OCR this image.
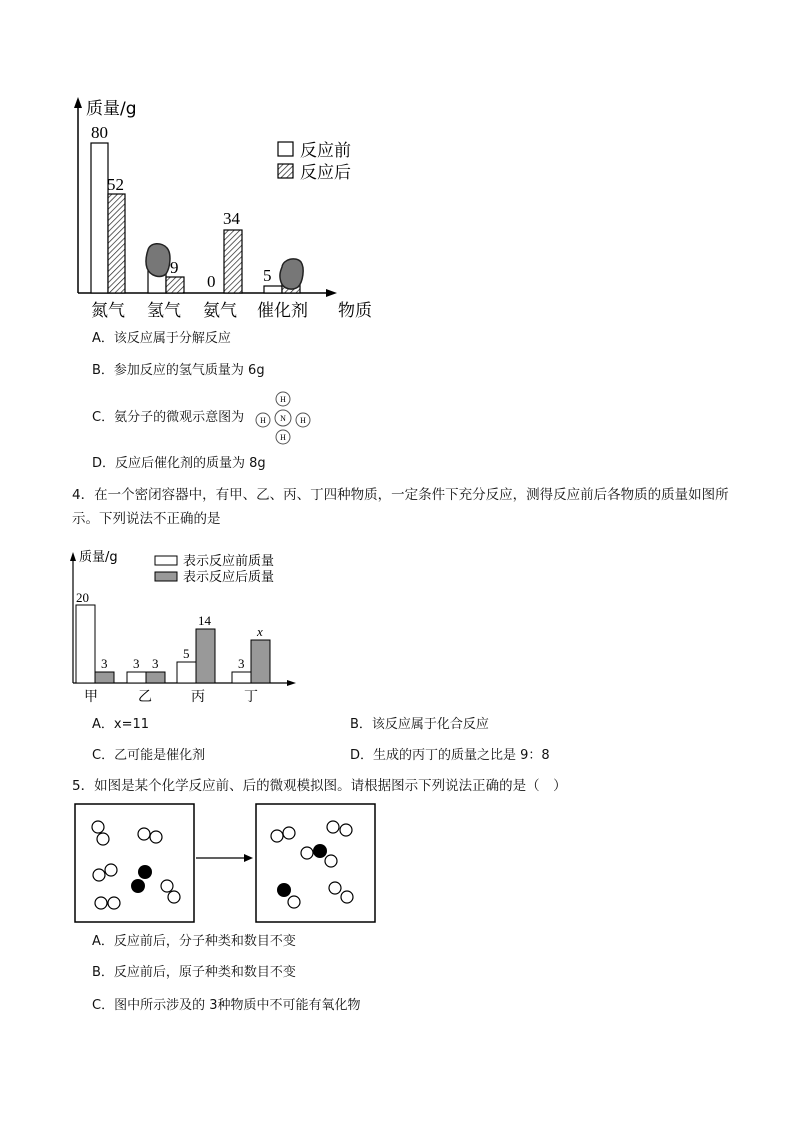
质量/g
物质
80
52
9
0
34
5
氮气 氢气 氨气 催化剂
反应前
反应后
A．该反应属于分解反应
B．参加反应的氢气质量为 6g
C．氨分子的微观示意图为
D．反应后催化剂的质量为 8g
N
H
H
H	H
4．在一个密闭容器中，有甲、乙、丙、丁四种物质，一定条件下充分反应，测得反应前后各物质的质量如图所示。下列说法不正确的是
质量/g	表示反应前质量
表示反应后质量
20
3 3 3
5
14
3
x
甲	乙	丙	丁
A．x=11	B．该反应属于化合反应
C．乙可能是催化剂	D．生成的丙丁的质量之比是 9：8
5．如图是某个化学反应前、后的微观模拟图。请根据图示下列说法正确的是（　）
A．反应前后，分子种类和数目不变
B．反应前后，原子种类和数目不变
C．图中所示涉及的 3种物质中不可能有氧化物
